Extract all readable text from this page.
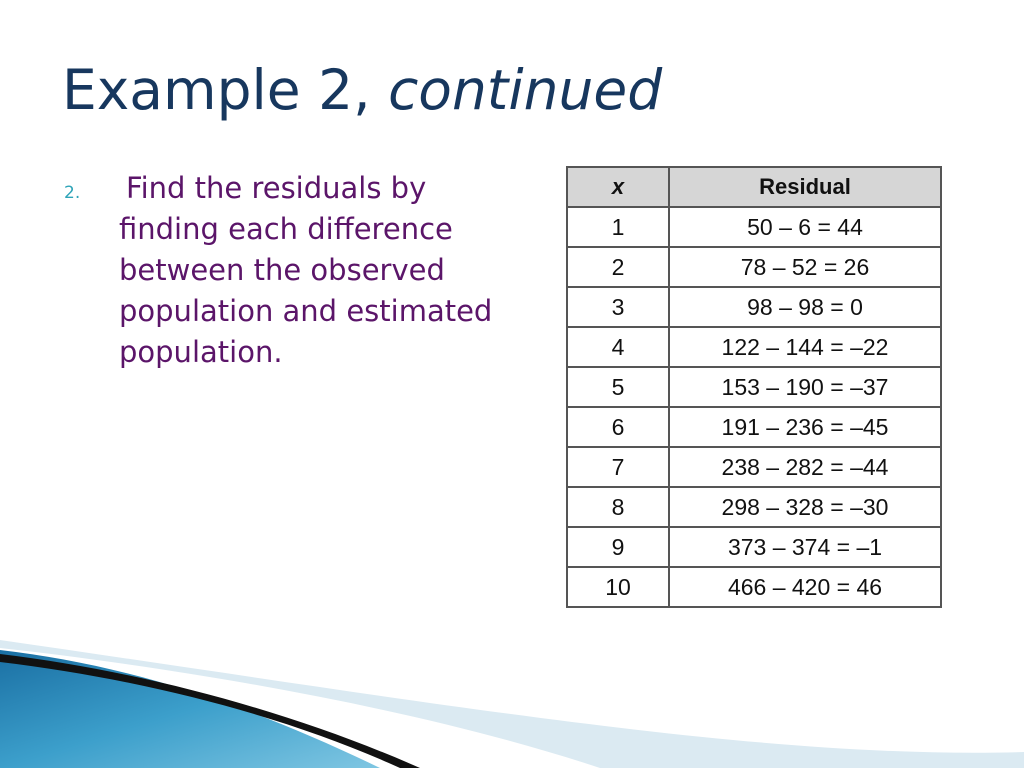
Example 2, continued
2. Find the residuals by finding each difference between the observed population and estimated population.

x	Residual
1	50 – 6 = 44
2	78 – 52 = 26
3	98 – 98 = 0
4	122 – 144 = –22
5	153 – 190 = –37
6	191 – 236 = –45
7	238 – 282 = –44
8	298 – 328 = –30
9	373 – 374 = –1
10	466 – 420 = 46
